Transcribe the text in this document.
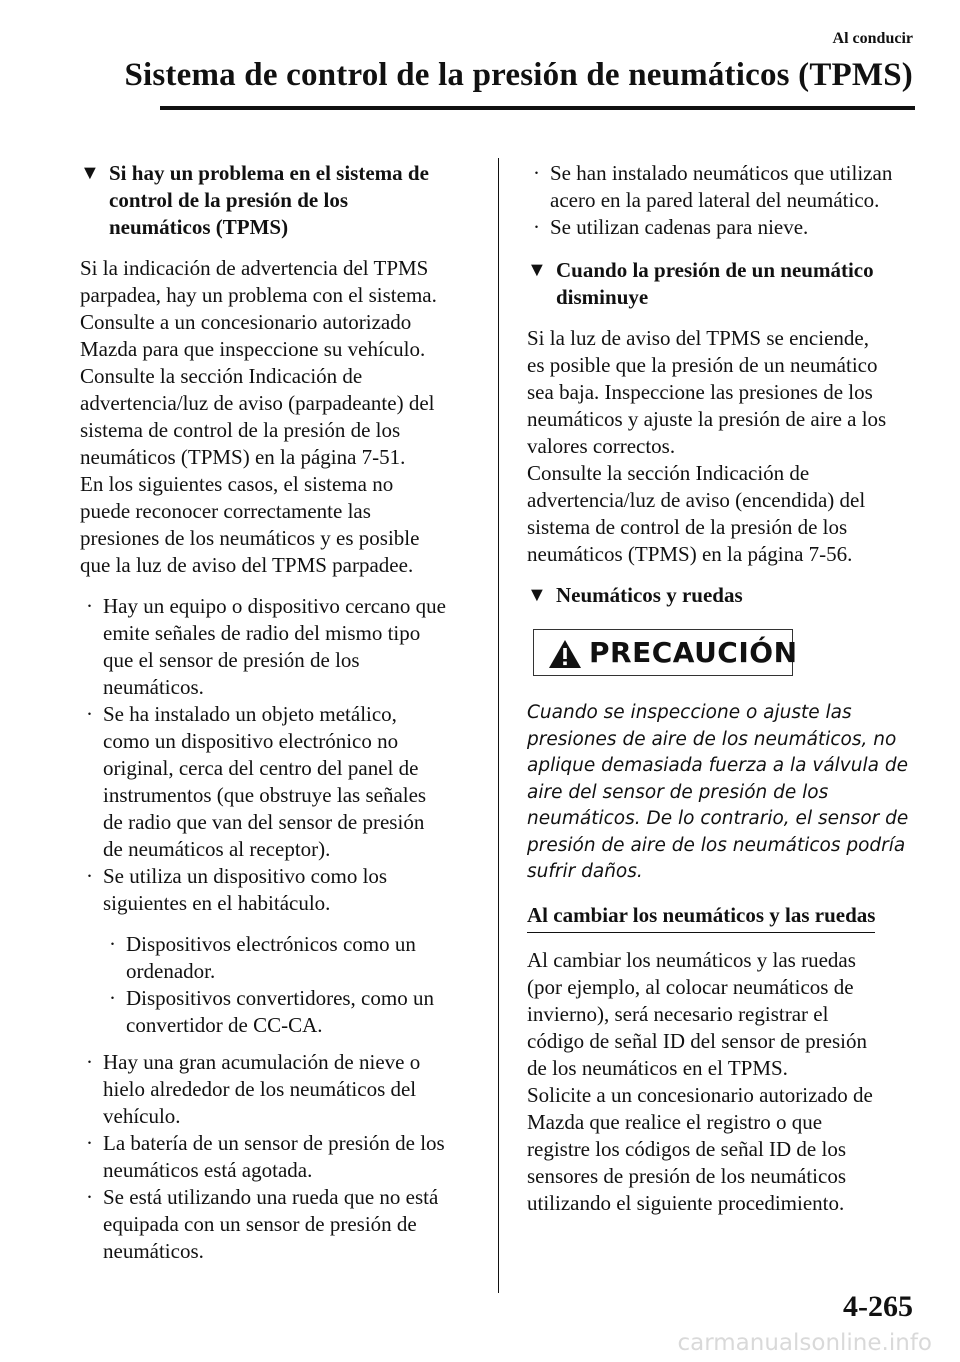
Al conducir
Sistema de control de la presión de neumáticos (TPMS)
▼ Si hay un problema en el sistema de
control de la presión de los
neumáticos (TPMS)
Si la indicación de advertencia del TPMS
parpadea, hay un problema con el sistema.
Consulte a un concesionario autorizado
Mazda para que inspeccione su vehículo.
Consulte la sección Indicación de
advertencia/luz de aviso (parpadeante) del
sistema de control de la presión de los
neumáticos (TPMS) en la página 7-51.
En los siguientes casos, el sistema no
puede reconocer correctamente las
presiones de los neumáticos y es posible
que la luz de aviso del TPMS parpadee.
· Hay un equipo o dispositivo cercano que
emite señales de radio del mismo tipo
que el sensor de presión de los
neumáticos.
· Se ha instalado un objeto metálico,
como un dispositivo electrónico no
original, cerca del centro del panel de
instrumentos (que obstruye las señales
de radio que van del sensor de presión
de neumáticos al receptor).
· Se utiliza un dispositivo como los
siguientes en el habitáculo.
· Dispositivos electrónicos como un
ordenador.
· Dispositivos convertidores, como un
convertidor de CC-CA.
· Hay una gran acumulación de nieve o
hielo alrededor de los neumáticos del
vehículo.
· La batería de un sensor de presión de los
neumáticos está agotada.
· Se está utilizando una rueda que no está
equipada con un sensor de presión de
neumáticos.
· Se han instalado neumáticos que utilizan
acero en la pared lateral del neumático.
· Se utilizan cadenas para nieve.
▼ Cuando la presión de un neumático
disminuye
Si la luz de aviso del TPMS se enciende,
es posible que la presión de un neumático
sea baja. Inspeccione las presiones de los
neumáticos y ajuste la presión de aire a los
valores correctos.
Consulte la sección Indicación de
advertencia/luz de aviso (encendida) del
sistema de control de la presión de los
neumáticos (TPMS) en la página 7-56.
▼ Neumáticos y ruedas
PRECAUCIÓN
Cuando se inspeccione o ajuste las
presiones de aire de los neumáticos, no
aplique demasiada fuerza a la válvula de
aire del sensor de presión de los
neumáticos. De lo contrario, el sensor de
presión de aire de los neumáticos podría
sufrir daños.
Al cambiar los neumáticos y las ruedas
Al cambiar los neumáticos y las ruedas
(por ejemplo, al colocar neumáticos de
invierno), será necesario registrar el
código de señal ID del sensor de presión
de los neumáticos en el TPMS.
Solicite a un concesionario autorizado de
Mazda que realice el registro o que
registre los códigos de señal ID de los
sensores de presión de los neumáticos
utilizando el siguiente procedimiento.
4-265
carmanualsonline.info
